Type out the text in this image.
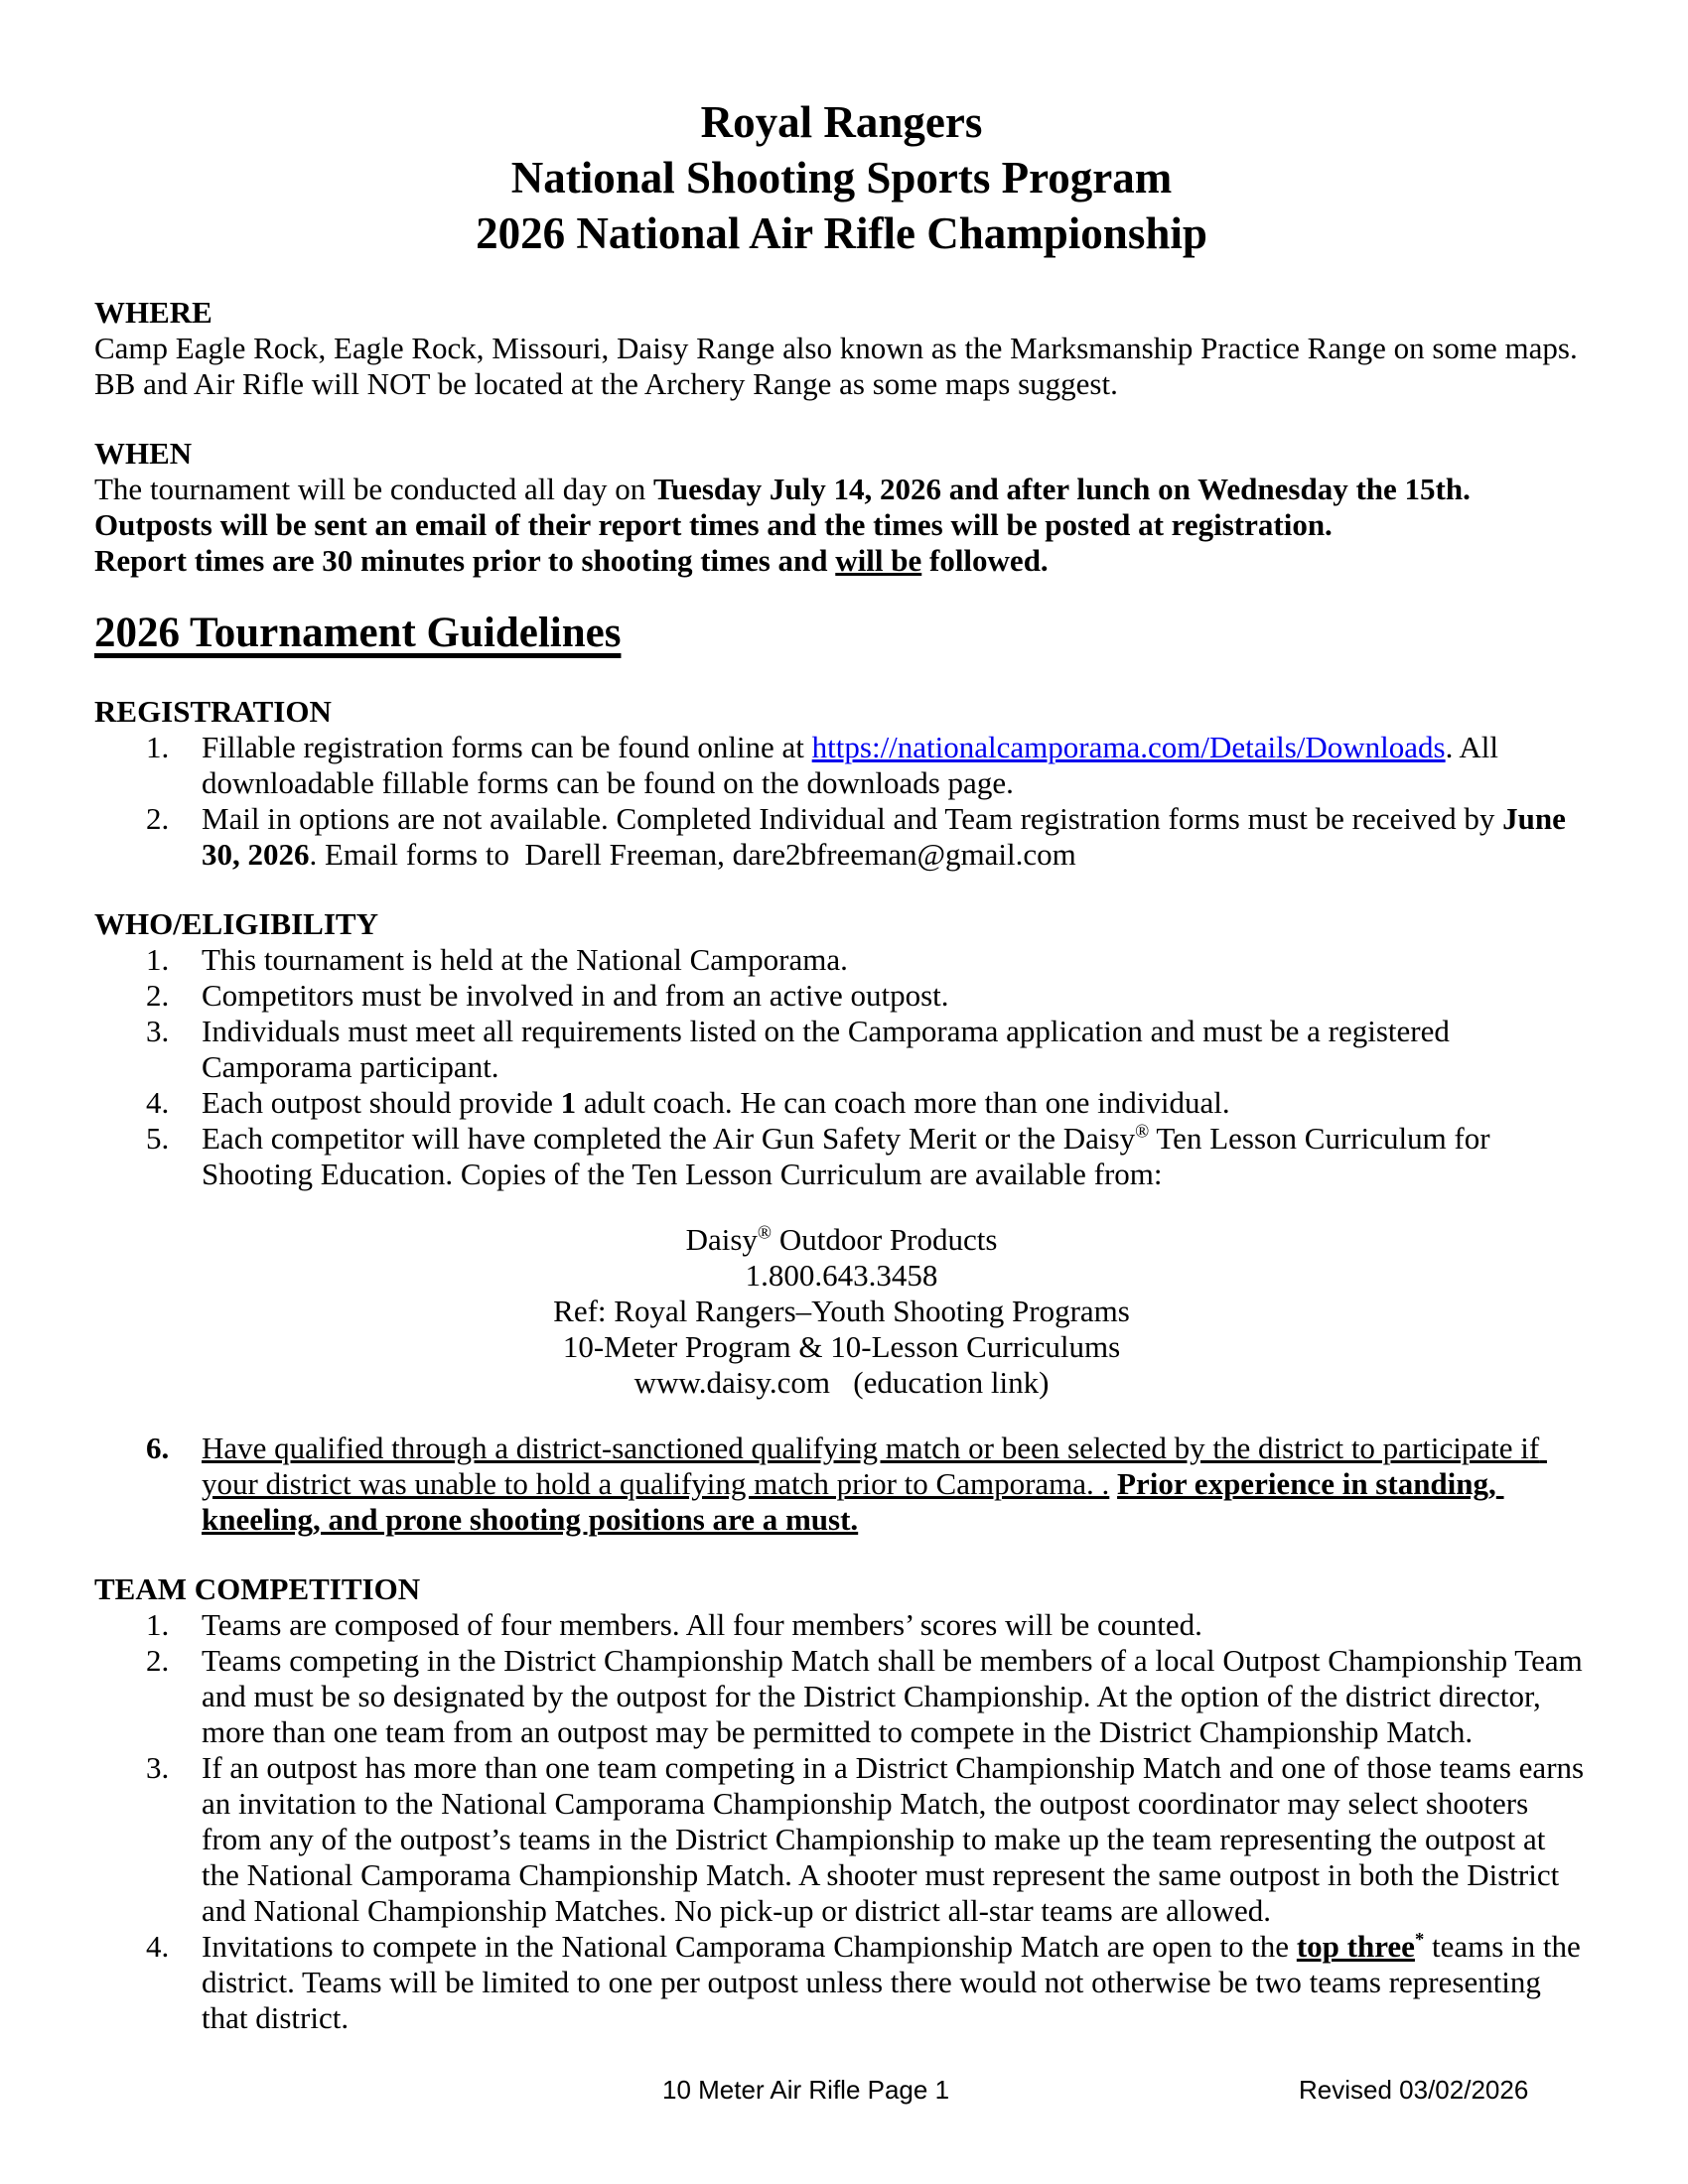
Royal Rangers
National Shooting Sports Program
2026 National Air Rifle Championship
WHERE
Camp Eagle Rock, Eagle Rock, Missouri, Daisy Range also known as the Marksmanship Practice Range on some maps. BB and Air Rifle will NOT be located at the Archery Range as some maps suggest.
WHEN
The tournament will be conducted all day on Tuesday July 14, 2026 and after lunch on Wednesday the 15th. Outposts will be sent an email of their report times and the times will be posted at registration.
Report times are 30 minutes prior to shooting times and will be followed.
2026 Tournament Guidelines
REGISTRATION
1.	Fillable registration forms can be found online at https://nationalcamporama.com/Details/Downloads. All downloadable fillable forms can be found on the downloads page.
2.	Mail in options are not available. Completed Individual and Team registration forms must be received by June 30, 2026. Email forms to  Darell Freeman, dare2bfreeman@gmail.com
WHO/ELIGIBILITY
1.	This tournament is held at the National Camporama.
2.	Competitors must be involved in and from an active outpost.
3.	Individuals must meet all requirements listed on the Camporama application and must be a registered Camporama participant.
4.	Each outpost should provide 1 adult coach. He can coach more than one individual.
5.	Each competitor will have completed the Air Gun Safety Merit or the Daisy® Ten Lesson Curriculum for Shooting Education. Copies of the Ten Lesson Curriculum are available from:
Daisy® Outdoor Products
1.800.643.3458
Ref: Royal Rangers–Youth Shooting Programs
10-Meter Program & 10-Lesson Curriculums
www.daisy.com   (education link)
6.	Have qualified through a district-sanctioned qualifying match or been selected by the district to participate if your district was unable to hold a qualifying match prior to Camporama. . Prior experience in standing, kneeling, and prone shooting positions are a must.
TEAM COMPETITION
1.	Teams are composed of four members. All four members’ scores will be counted.
2.	Teams competing in the District Championship Match shall be members of a local Outpost Championship Team and must be so designated by the outpost for the District Championship. At the option of the district director, more than one team from an outpost may be permitted to compete in the District Championship Match.
3.	If an outpost has more than one team competing in a District Championship Match and one of those teams earns an invitation to the National Camporama Championship Match, the outpost coordinator may select shooters from any of the outpost’s teams in the District Championship to make up the team representing the outpost at the National Camporama Championship Match. A shooter must represent the same outpost in both the District and National Championship Matches. No pick-up or district all-star teams are allowed.
4.	Invitations to compete in the National Camporama Championship Match are open to the top three* teams in the district. Teams will be limited to one per outpost unless there would not otherwise be two teams representing that district.
10 Meter Air Rifle Page 1	Revised 03/02/2026
